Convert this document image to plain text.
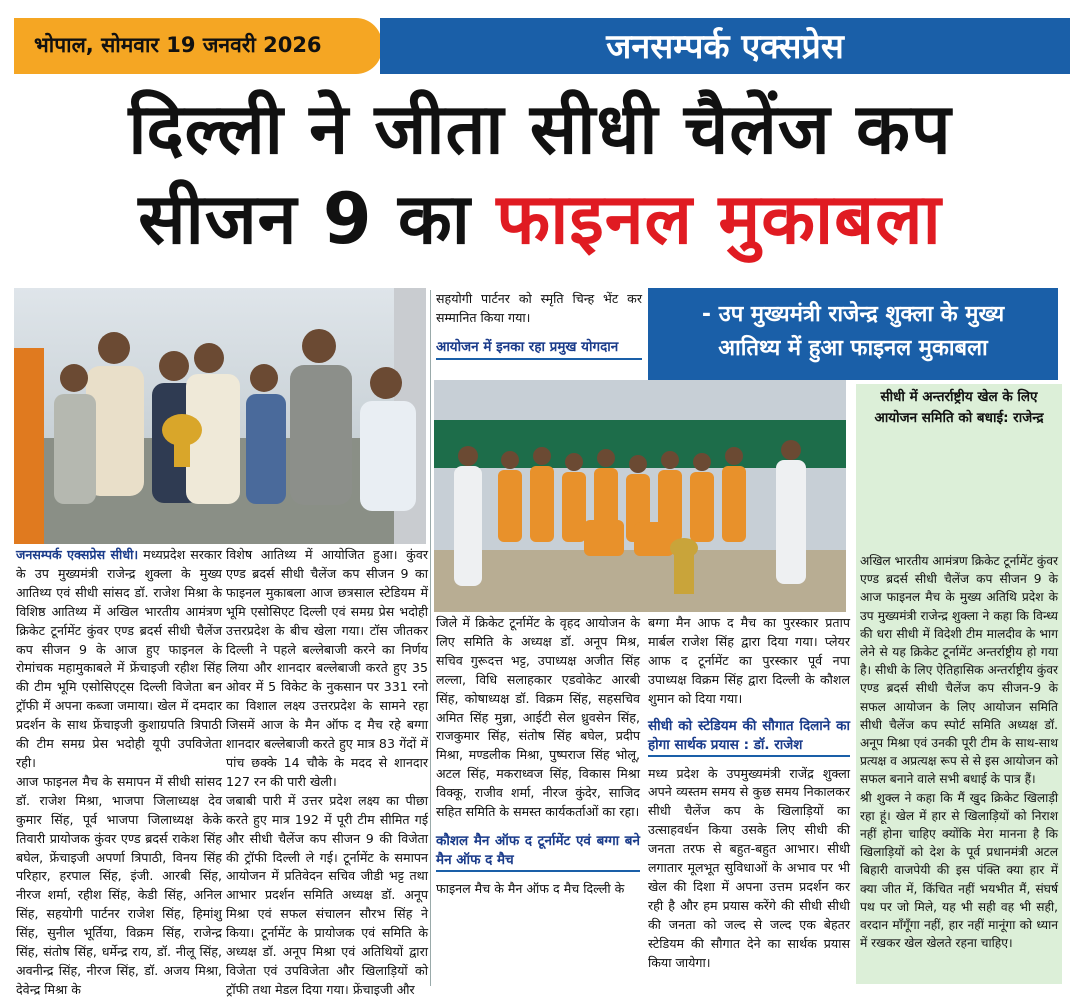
भोपाल, सोमवार 19 जनवरी 2026	जनसम्पर्क एक्सप्रेस
दिल्ली ने जीता सीधी चैलेंज कप
सीजन 9 का फाइनल मुकाबला

जनसम्पर्क एक्सप्रेस सीधी। मध्यप्रदेश सरकार के उप मुख्यमंत्री राजेन्द्र शुक्ला के मुख्य आतिथ्य एवं सीधी सांसद डॉ. राजेश मिश्रा के विशिष्ठ आतिथ्य में अखिल भारतीय आमंत्रण क्रिकेट टूर्नामेंट कुंवर एण्ड ब्रदर्स सीधी चैलेंज कप सीजन 9 के आज हुए फाइनल के रोमांचक महामुकाबले में फ्रेंचाइजी रहीश सिंह की टीम भूमि एसोसिएट्स दिल्ली विजेता बन ट्रॉफी में अपना कब्जा जमाया। खेल में दमदार प्रदर्शन के साथ फ्रेंचाइजी कुशाग्रपति त्रिपाठी की टीम समग्र प्रेस भदोही यूपी उपविजेता रही।

आज फाइनल मैच के समापन में सीधी सांसद डॉ. राजेश मिश्रा, भाजपा जिलाध्यक्ष देव कुमार सिंह, पूर्व भाजपा जिलाध्यक्ष केके तिवारी प्रायोजक कुंवर एण्ड ब्रदर्स राकेश सिंह बघेल, फ्रेंचाइजी अपर्णा त्रिपाठी, विनय सिंह परिहार, हरपाल सिंह, इंजी. आरबी सिंह, नीरज शर्मा, रहीश सिंह, केडी सिंह, अनिल सिंह, सहयोगी पार्टनर राजेश सिंह, हिमांशु सिंह, सुनील भूर्तिया, विक्रम सिंह, राजेन्द्र सिंह, संतोष सिंह, धर्मेन्द्र राय, डॉ. नीलू सिंह, अवनीन्द्र सिंह, नीरज सिंह, डॉ. अजय मिश्रा, देवेन्द्र मिश्रा के

सहयोगी पार्टनर को स्मृति चिन्ह भेंट कर सम्मानित किया गया।
आयोजन में इनका रहा प्रमुख योगदान
- उप मुख्यमंत्री राजेन्द्र शुक्ला के मुख्य
आतिथ्य में हुआ फाइनल मुकाबला
सीधी में अन्तर्राष्ट्रीय खेल के लिए आयोजन समिति को बधाई: राजेन्द्र

अखिल भारतीय आमंत्रण क्रिकेट टूर्नामेंट कुंवर एण्ड ब्रदर्स सीधी चैलेंज कप सीजन 9 के आज फाइनल मैच के मुख्य अतिथि प्रदेश के उप मुख्यमंत्री राजेन्द्र शुक्ला ने कहा कि विन्ध्य की धरा सीधी में विदेशी टीम मालदीव के भाग लेने से यह क्रिकेट टूर्नामेंट अन्तर्राष्ट्रीय हो गया है। सीधी के लिए ऐतिहासिक अन्तर्राष्ट्रीय कुंवर एण्ड ब्रदर्स सीधी चैलेंज कप सीजन-9 के सफल आयोजन के लिए आयोजन समिति सीधी चैलेंज कप स्पोर्ट समिति अध्यक्ष डॉ. अनूप मिश्रा एवं उनकी पूरी टीम के साथ-साथ प्रत्यक्ष व अप्रत्यक्ष रूप से से इस आयोजन को सफल बनाने वाले सभी बधाई के पात्र हैं।

श्री शुक्ल ने कहा कि मैं खुद क्रिकेट खिलाड़ी रहा हूं। खेल में हार से खिलाड़ियों को निराश नहीं होना चाहिए क्योंकि मेरा मानना है कि खिलाड़ियों को देश के पूर्व प्रधानमंत्री अटल बिहारी वाजपेयी की इस पंक्ति क्या हार में क्या जीत में, किंचित नहीं भयभीत मैं, संघर्ष पथ पर जो मिले, यह भी सही वह भी सही, वरदान माँगूँगा नहीं, हार नहीं मानूंगा को ध्यान में रखकर खेल खेलते रहना चाहिए।

जिले में क्रिकेट टूर्नामेंट के वृहद आयोजन के लिए समिति के अध्यक्ष डॉ. अनूप मिश्र, सचिव गुरूदत्त भट्ट, उपाध्यक्ष अजीत सिंह लल्ला, विधि सलाहकार एडवोकेट आरबी सिंह, कोषाध्यक्ष डॉ. विक्रम सिंह, सहसचिव अमित सिंह मुन्ना, आईटी सेल ध्रुवसेन सिंह, राजकुमार सिंह, संतोष सिंह बघेल, प्रदीप मिश्रा, मण्डलीक मिश्रा, पुष्पराज सिंह भोलू, अटल सिंह, मकराध्वज सिंह, विकास मिश्रा विक्कू, राजीव शर्मा, नीरज कुंदेर, साजिद सहित समिति के समस्त कार्यकर्ताओं का रहा।

कौशल मैन ऑफ द टूर्नामेंट एवं बग्गा बने मैन ऑफ द मैच

फाइनल मैच के मैन ऑफ द मैच दिल्ली के

बग्गा मैन आफ द मैच का पुरस्कार प्रताप मार्बल राजेश सिंह द्वारा दिया गया। प्लेयर आफ द टूर्नामेंट का पुरस्कार पूर्व नपा उपाध्यक्ष विक्रम सिंह द्वारा दिल्ली के कौशल शुमान को दिया गया।

सीधी को स्टेडियम की सौगात दिलाने का होगा सार्थक प्रयास : डॉ. राजेश

मध्य प्रदेश के उपमुख्यमंत्री राजेंद्र शुक्ला अपने व्यस्तम समय से कुछ समय निकालकर सीधी चैलेंज कप के खिलाड़ियों का उत्साहवर्धन किया उसके लिए सीधी की जनता तरफ से बहुत-बहुत आभार। सीधी लगातार मूलभूत सुविधाओं के अभाव पर भी खेल की दिशा में अपना उत्तम प्रदर्शन कर रही है और हम प्रयास करेंगे की सीधी सीधी की जनता को जल्द से जल्द एक बेहतर स्टेडियम की सौगात देने का सार्थक प्रयास किया जायेगा।

विशेष आतिथ्य में आयोजित हुआ। कुंवर एण्ड ब्रदर्स सीधी चैलेंज कप सीजन 9 का फाइनल मुकाबला आज छत्रसाल स्टेडियम में भूमि एसोसिएट दिल्ली एवं समग्र प्रेस भदोही उत्तरप्रदेश के बीच खेला गया। टॉस जीतकर दिल्ली ने पहले बल्लेबाजी करने का निर्णय लिया और शानदार बल्लेबाजी करते हुए 35 ओवर में 5 विकेट के नुकसान पर 331 रनो का विशाल लक्ष्य उत्तरप्रदेश के सामने रहा जिसमें आज के मैन ऑफ द मैच रहे बग्गा शानदार बल्लेबाजी करते हुए मात्र 83 गेंदों में पांच छक्के 14 चौके के मदद से शानदार 127 रन की पारी खेली।

जबाबी पारी में उत्तर प्रदेश लक्ष्य का पीछा करते हुए मात्र 192 में पूरी टीम सीमित गई और सीधी चैलेंज कप सीजन 9 की विजेता की ट्रॉफी दिल्ली ले गई। टूर्नामेंट के समापन आयोजन में प्रतिवेदन सचिव जीडी भट्ट तथा आभार प्रदर्शन समिति अध्यक्ष डॉ. अनूप मिश्रा एवं सफल संचालन सौरभ सिंह ने किया। टूर्नामेंट के प्रायोजक एवं समिति के अध्यक्ष डॉ. अनूप मिश्रा एवं अतिथियों द्वारा विजेता एवं उपविजेता और खिलाड़ियों को ट्रॉफी तथा मेडल दिया गया। फ्रेंचाइजी और
